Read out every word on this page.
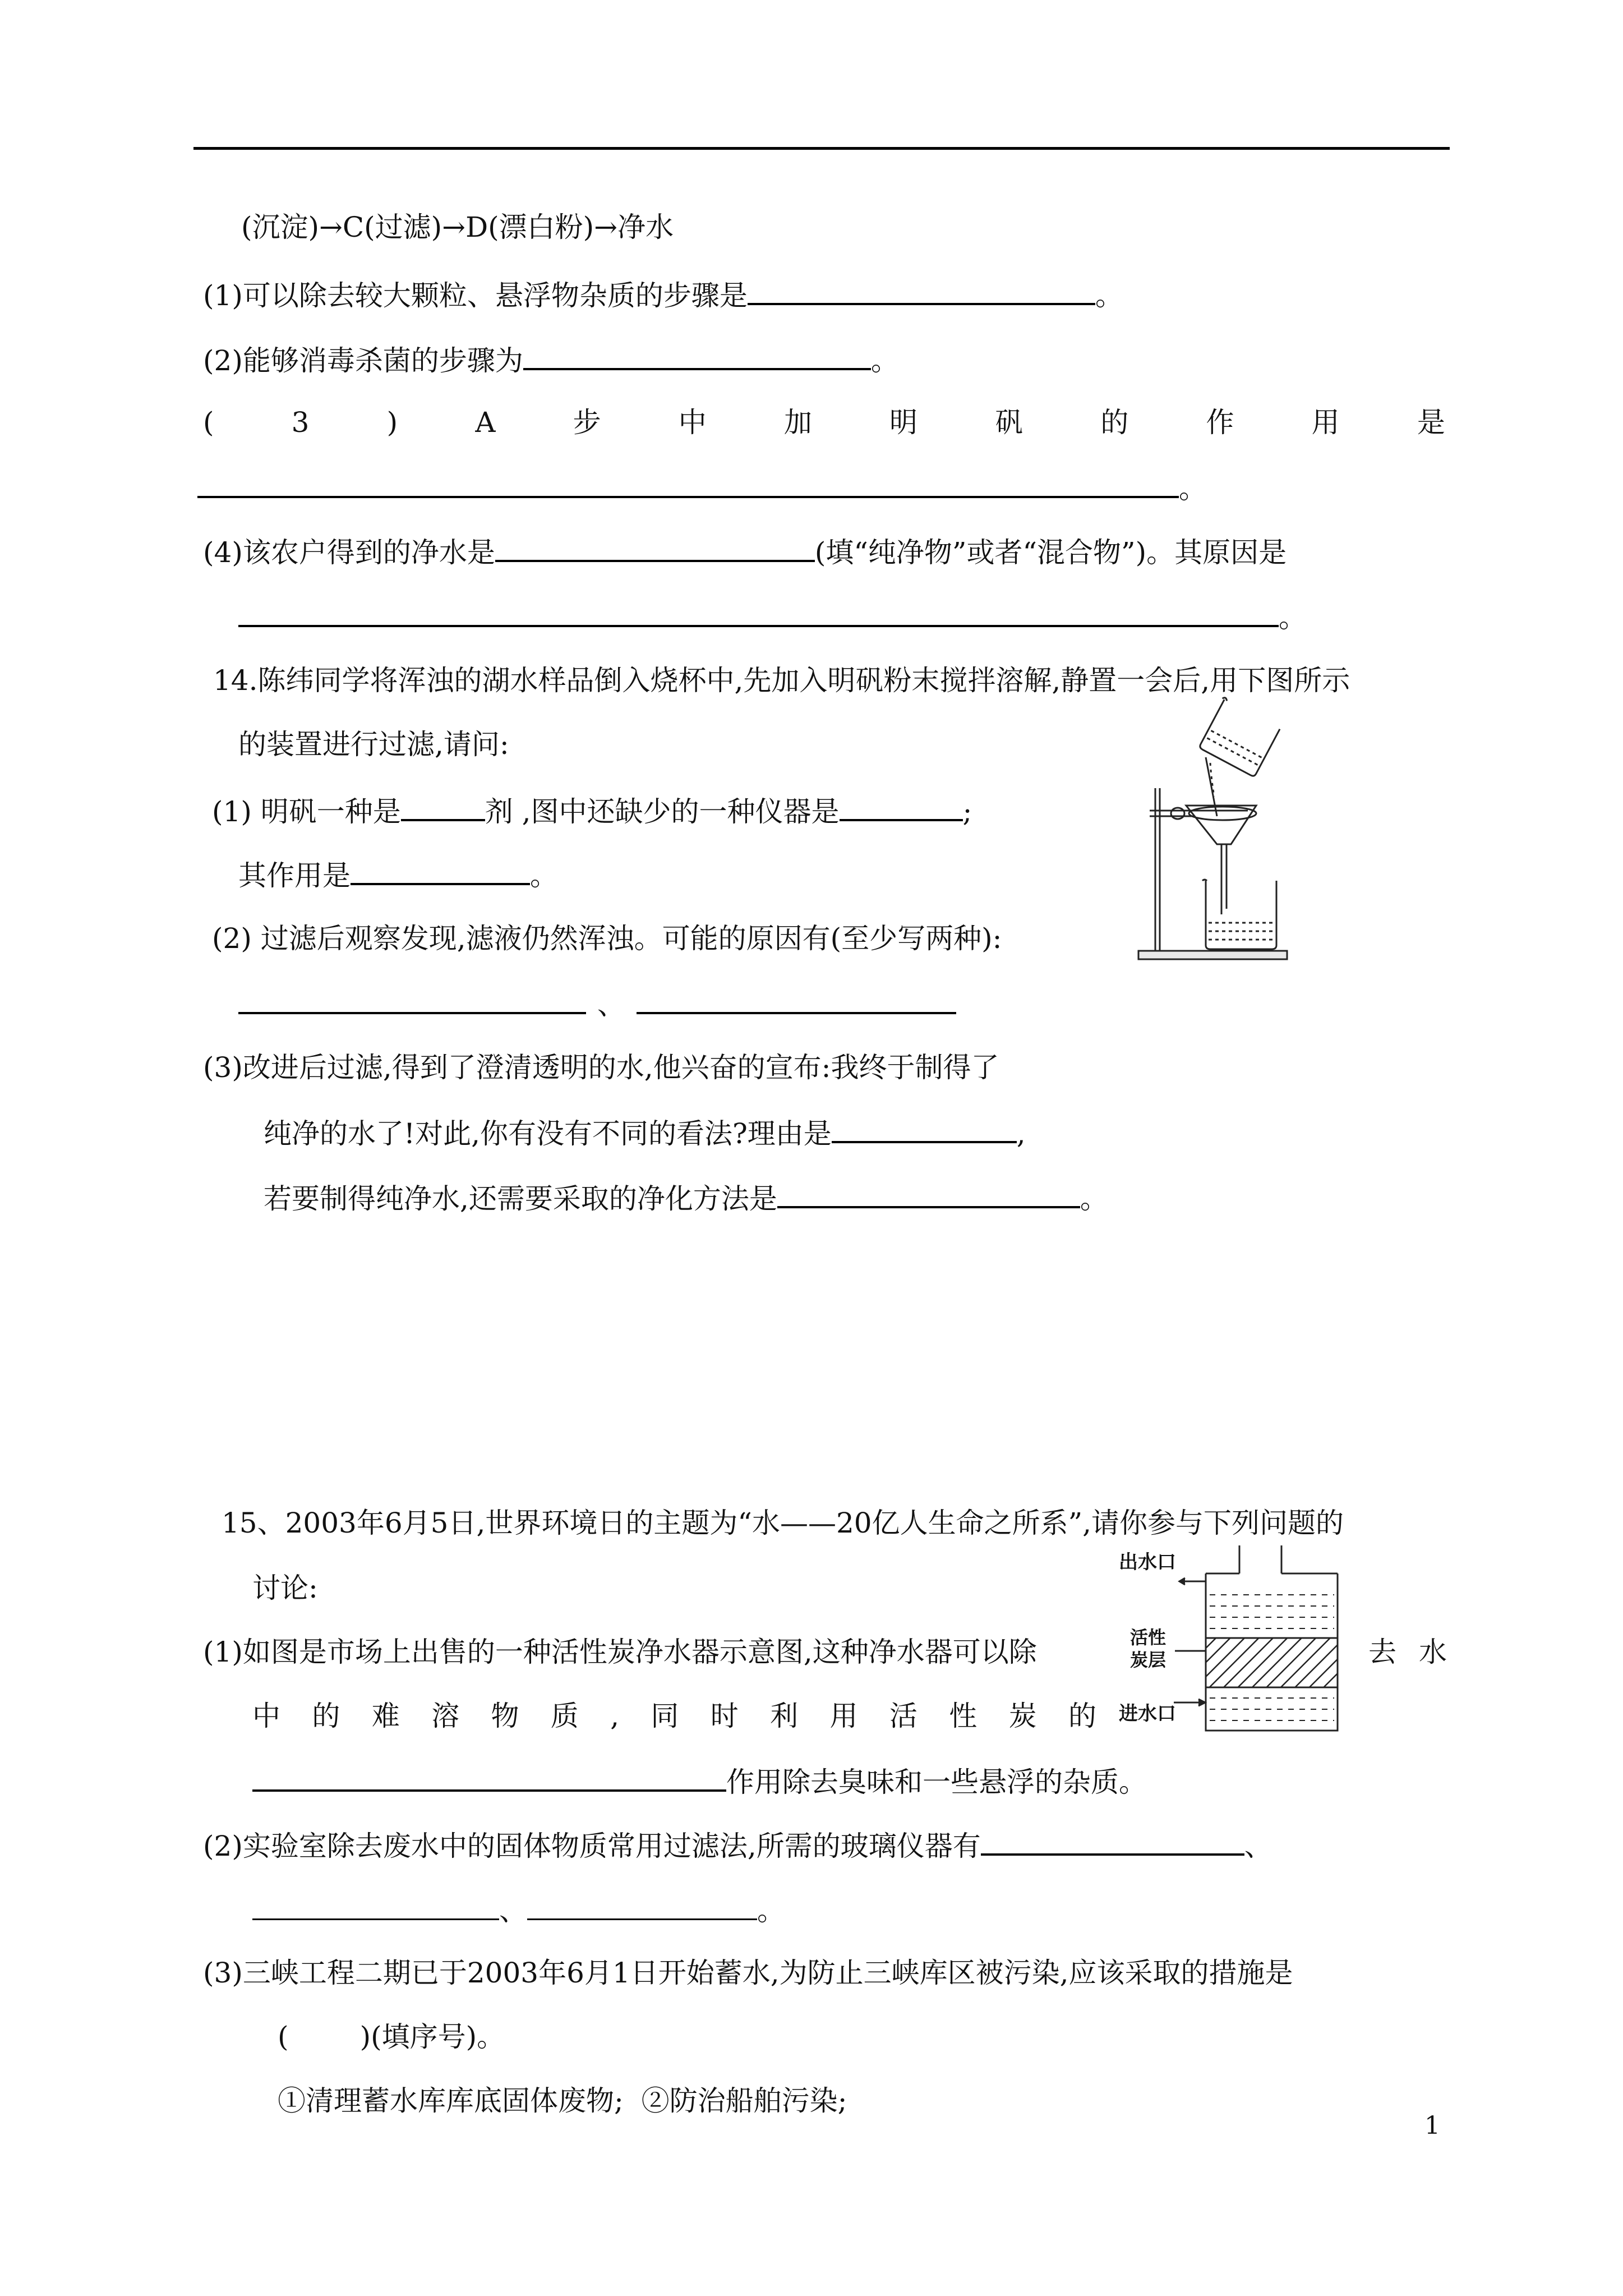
(沉淀)→C(过滤)→D(漂白粉)→净水
(1)可以除去较大颗粒、悬浮物杂质的步骤是	。
(2)能够消毒杀菌的步骤为	。
(	3	)	A	步	中	加	明	矾	的	作	用	是
。
(4)该农户得到的净水是	(填“纯净物”或者“混合物”)。其原因是
。
14.陈纬同学将浑浊的湖水样品倒入烧杯中,先加入明矾粉末搅拌溶解,静置一会后,用下图所示
的装置进行过滤,请问:
(1) 明矾一种是	剂 ,图中还缺少的一种仪器是	;
其作用是	。
(2) 过滤后观察发现,滤液仍然浑浊。可能的原因有(至少写两种):
、
(3)改进后过滤,得到了澄清透明的水,他兴奋的宣布:我终于制得了
纯净的水了!对此,你有没有不同的看法?理由是	,
若要制得纯净水,还需要采取的净化方法是	。
15、2003年6月5日,世界环境日的主题为“水——20亿人生命之所系”,请你参与下列问题的
讨论:
(1)如图是市场上出售的一种活性炭净水器示意图,这种净水器可以除	去 水
中 的 难 溶 物 质 , 同 时 利 用 活 性 炭 的
作用除去臭味和一些悬浮的杂质。
(2)实验室除去废水中的固体物质常用过滤法,所需的玻璃仪器有	、
、	。
(3)三峡工程二期已于2003年6月1日开始蓄水,为防止三峡库区被污染,应该采取的措施是
(        )(填序号)。
①清理蓄水库库底固体废物;  ②防治船舶污染;
出水口
活性
炭层
进水口
1
